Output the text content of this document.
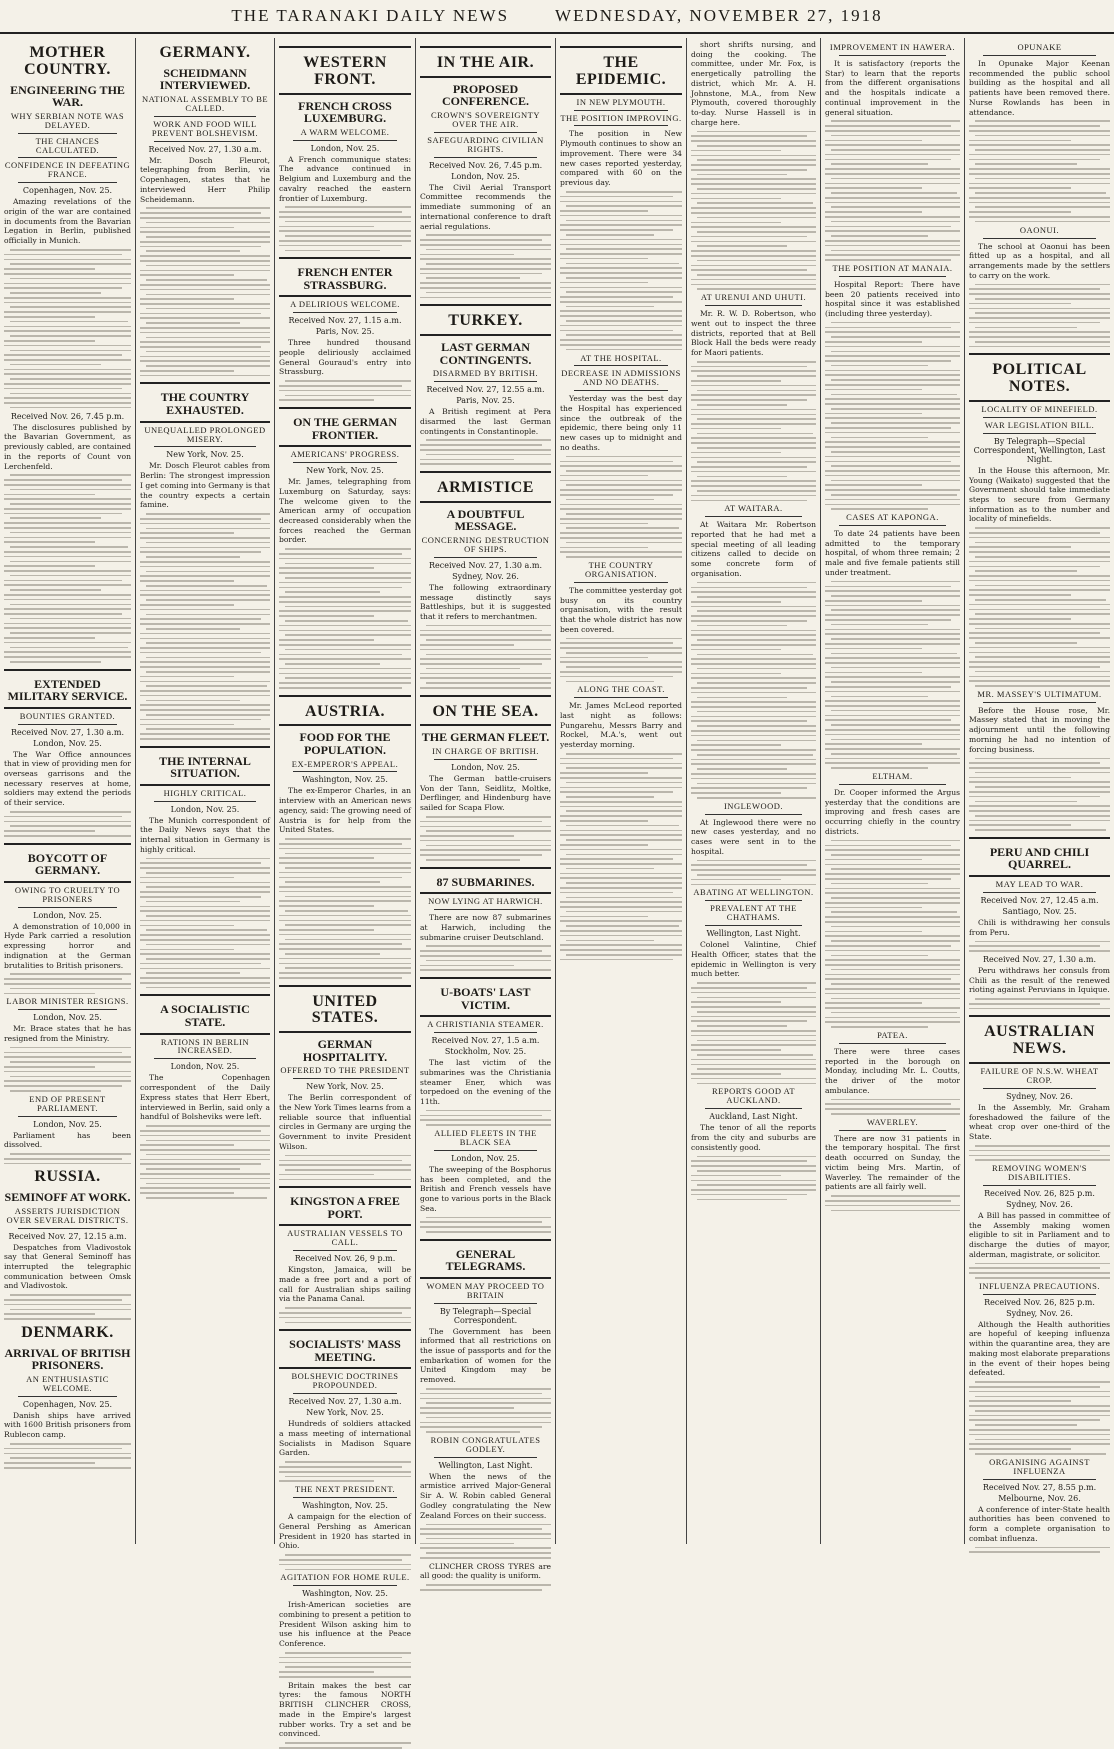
THE TARANAKI DAILY NEWS	WEDNESDAY, NOVEMBER 27, 1918
MOTHER COUNTRY.
ENGINEERING THE WAR.
WHY SERBIAN NOTE WAS DELAYED.
THE CHANCES CALCULATED.
CONFIDENCE IN DEFEATING FRANCE.
Copenhagen, Nov. 25.

Amazing revelations of the origin of the war are contained in documents from the Bavarian Legation in Berlin, published officially in Munich.

Received Nov. 26, 7.45 p.m.

The disclosures published by the Bavarian Government, as previously cabled, are contained in the reports of Count von Lerchenfeld.

EXTENDED MILITARY SERVICE.
BOUNTIES GRANTED.
Received Nov. 27, 1.30 a.m.
London, Nov. 25.

The War Office announces that in view of providing men for overseas garrisons and the necessary reserves at home, soldiers may extend the periods of their service.

BOYCOTT OF GERMANY.
OWING TO CRUELTY TO PRISONERS
London, Nov. 25.

A demonstration of 10,000 in Hyde Park carried a resolution expressing horror and indignation at the German brutalities to British prisoners.

LABOR MINISTER RESIGNS.
London, Nov. 25.

Mr. Brace states that he has resigned from the Ministry.

END OF PRESENT PARLIAMENT.
London, Nov. 25.

Parliament has been dissolved.

RUSSIA.
SEMINOFF AT WORK.
ASSERTS JURISDICTION OVER SEVERAL DISTRICTS.
Received Nov. 27, 12.15 a.m.

Despatches from Vladivostok say that General Seminoff has interrupted the telegraphic communication between Omsk and Vladivostok.

DENMARK.
ARRIVAL OF BRITISH PRISONERS.
AN ENTHUSIASTIC WELCOME.
Copenhagen, Nov. 25.

Danish ships have arrived with 1600 British prisoners from Rublecon camp.

GERMANY.
SCHEIDMANN INTERVIEWED.
NATIONAL ASSEMBLY TO BE CALLED.
WORK AND FOOD WILL PREVENT BOLSHEVISM.
Received Nov. 27, 1.30 a.m.

Mr. Dosch Fleurot, telegraphing from Berlin, via Copenhagen, states that he interviewed Herr Philip Scheidemann.

THE COUNTRY EXHAUSTED.
UNEQUALLED PROLONGED MISERY.
New York, Nov. 25.

Mr. Dosch Fleurot cables from Berlin: The strongest impression I get coming into Germany is that the country expects a certain famine.

THE INTERNAL SITUATION.
HIGHLY CRITICAL.
London, Nov. 25.

The Munich correspondent of the Daily News says that the internal situation in Germany is highly critical.

A SOCIALISTIC STATE.
RATIONS IN BERLIN INCREASED.
London, Nov. 25.

The Copenhagen correspondent of the Daily Express states that Herr Ebert, interviewed in Berlin, said only a handful of Bolsheviks were left.

WESTERN FRONT.
FRENCH CROSS LUXEMBURG.
A WARM WELCOME.
London, Nov. 25.

A French communique states: The advance continued in Belgium and Luxemburg and the cavalry reached the eastern frontier of Luxemburg.

FRENCH ENTER STRASSBURG.
A DELIRIOUS WELCOME.
Received Nov. 27, 1.15 a.m.
Paris, Nov. 25.

Three hundred thousand people deliriously acclaimed General Gouraud's entry into Strassburg.

ON THE GERMAN FRONTIER.
AMERICANS' PROGRESS.
New York, Nov. 25.

Mr. James, telegraphing from Luxemburg on Saturday, says: The welcome given to the American army of occupation decreased considerably when the forces reached the German border.

AUSTRIA.
FOOD FOR THE POPULATION.
EX-EMPEROR'S APPEAL.
Washington, Nov. 25.

The ex-Emperor Charles, in an interview with an American news agency, said: The growing need of Austria is for help from the United States.

UNITED STATES.
GERMAN HOSPITALITY.
OFFERED TO THE PRESIDENT
New York, Nov. 25.

The Berlin correspondent of the New York Times learns from a reliable source that influential circles in Germany are urging the Government to invite President Wilson.

KINGSTON A FREE PORT.
AUSTRALIAN VESSELS TO CALL.
Received Nov. 26, 9 p.m.

Kingston, Jamaica, will be made a free port and a port of call for Australian ships sailing via the Panama Canal.

SOCIALISTS' MASS MEETING.
BOLSHEVIC DOCTRINES PROPOUNDED.
Received Nov. 27, 1.30 a.m.
New York, Nov. 25.

Hundreds of soldiers attacked a mass meeting of international Socialists in Madison Square Garden.

THE NEXT PRESIDENT.
Washington, Nov. 25.

A campaign for the election of General Pershing as American President in 1920 has started in Ohio.

AGITATION FOR HOME RULE.
Washington, Nov. 25.

Irish-American societies are combining to present a petition to President Wilson asking him to use his influence at the Peace Conference.

Britain makes the best car tyres: the famous NORTH BRITISH CLINCHER CROSS, made in the Empire's largest rubber works. Try a set and be convinced.

IN THE AIR.
PROPOSED CONFERENCE.
CROWN'S SOVEREIGNTY OVER THE AIR.
SAFEGUARDING CIVILIAN RIGHTS.
Received Nov. 26, 7.45 p.m.
London, Nov. 25.

The Civil Aerial Transport Committee recommends the immediate summoning of an international conference to draft aerial regulations.

TURKEY.
LAST GERMAN CONTINGENTS.
DISARMED BY BRITISH.
Received Nov. 27, 12.55 a.m.
Paris, Nov. 25.

A British regiment at Pera disarmed the last German contingents in Constantinople.

ARMISTICE
A DOUBTFUL MESSAGE.
CONCERNING DESTRUCTION OF SHIPS.
Received Nov. 27, 1.30 a.m.
Sydney, Nov. 26.

The following extraordinary message distinctly says Battleships, but it is suggested that it refers to merchantmen.

ON THE SEA.
THE GERMAN FLEET.
IN CHARGE OF BRITISH.
London, Nov. 25.

The German battle-cruisers Von der Tann, Seidlitz, Moltke, Derflinger, and Hindenburg have sailed for Scapa Flow.

87 SUBMARINES.
NOW LYING AT HARWICH.

There are now 87 submarines at Harwich, including the submarine cruiser Deutschland.

U-BOATS' LAST VICTIM.
A CHRISTIANIA STEAMER.
Received Nov. 27, 1.5 a.m.
Stockholm, Nov. 25.

The last victim of the submarines was the Christiania steamer Ener, which was torpedoed on the evening of the 11th.

ALLIED FLEETS IN THE BLACK SEA
London, Nov. 25.

The sweeping of the Bosphorus has been completed, and the British and French vessels have gone to various ports in the Black Sea.

GENERAL TELEGRAMS.
WOMEN MAY PROCEED TO BRITAIN
By Telegraph—Special Correspondent.

The Government has been informed that all restrictions on the issue of passports and for the embarkation of women for the United Kingdom may be removed.

ROBIN CONGRATULATES GODLEY.
Wellington, Last Night.

When the news of the armistice arrived Major-General Sir A. W. Robin cabled General Godley congratulating the New Zealand Forces on their success.

CLINCHER CROSS TYRES are all good: the quality is uniform.

THE EPIDEMIC.
IN NEW PLYMOUTH.
THE POSITION IMPROVING.

The position in New Plymouth continues to show an improvement. There were 34 new cases reported yesterday, compared with 60 on the previous day.

AT THE HOSPITAL.
DECREASE IN ADMISSIONS AND NO DEATHS.

Yesterday was the best day the Hospital has experienced since the outbreak of the epidemic, there being only 11 new cases up to midnight and no deaths.

THE COUNTRY ORGANISATION.

The committee yesterday got busy on its country organisation, with the result that the whole district has now been covered.

ALONG THE COAST.

Mr. James McLeod reported last night as follows: Pungarehu, Messrs Barry and Rockel, M.A.'s, went out yesterday morning.

short shrifts nursing, and doing the cooking. The committee, under Mr. Fox, is energetically patrolling the district, which Mr. A. H. Johnstone, M.A., from New Plymouth, covered thoroughly to-day. Nurse Hassell is in charge here.

AT URENUI AND UHUTI.

Mr. R. W. D. Robertson, who went out to inspect the three districts, reported that at Bell Block Hall the beds were ready for Maori patients.

AT WAITARA.

At Waitara Mr. Robertson reported that he had met a special meeting of all leading citizens called to decide on some concrete form of organisation.

INGLEWOOD.

At Inglewood there were no new cases yesterday, and no cases were sent in to the hospital.

ABATING AT WELLINGTON.
PREVALENT AT THE CHATHAMS.
Wellington, Last Night.

Colonel Valintine, Chief Health Officer, states that the epidemic in Wellington is very much better.

REPORTS GOOD AT AUCKLAND.
Auckland, Last Night.

The tenor of all the reports from the city and suburbs are consistently good.

IMPROVEMENT IN HAWERA.

It is satisfactory (reports the Star) to learn that the reports from the different organisations and the hospitals indicate a continual improvement in the general situation.

THE POSITION AT MANAIA.

Hospital Report: There have been 20 patients received into hospital since it was established (including three yesterday).

CASES AT KAPONGA.

To date 24 patients have been admitted to the temporary hospital, of whom three remain; 2 male and five female patients still under treatment.

ELTHAM.

Dr. Cooper informed the Argus yesterday that the conditions are improving and fresh cases are occurring chiefly in the country districts.

PATEA.

There were three cases reported in the borough on Monday, including Mr. L. Coutts, the driver of the motor ambulance.

WAVERLEY.

There are now 31 patients in the temporary hospital. The first death occurred on Sunday, the victim being Mrs. Martin, of Waverley. The remainder of the patients are all fairly well.

OPUNAKE

In Opunake Major Keenan recommended the public school building as the hospital and all patients have been removed there. Nurse Rowlands has been in attendance.

OAONUI.

The school at Oaonui has been fitted up as a hospital, and all arrangements made by the settlers to carry on the work.

POLITICAL NOTES.
LOCALITY OF MINEFIELD.
WAR LEGISLATION BILL.
By Telegraph—Special Correspondent, Wellington, Last Night.

In the House this afternoon, Mr. Young (Waikato) suggested that the Government should take immediate steps to secure from Germany information as to the number and locality of minefields.

MR. MASSEY'S ULTIMATUM.

Before the House rose, Mr. Massey stated that in moving the adjournment until the following morning he had no intention of forcing business.

PERU AND CHILI QUARREL.
MAY LEAD TO WAR.
Received Nov. 27, 12.45 a.m.
Santiago, Nov. 25.

Chili is withdrawing her consuls from Peru.

Received Nov. 27, 1.30 a.m.

Peru withdraws her consuls from Chili as the result of the renewed rioting against Peruvians in Iquique.

AUSTRALIAN NEWS.
FAILURE OF N.S.W. WHEAT CROP.
Sydney, Nov. 26.

In the Assembly, Mr. Graham foreshadowed the failure of the wheat crop over one-third of the State.

REMOVING WOMEN'S DISABILITIES.
Received Nov. 26, 825 p.m.
Sydney, Nov. 26.

A Bill has passed in committee of the Assembly making women eligible to sit in Parliament and to discharge the duties of mayor, alderman, magistrate, or solicitor.

INFLUENZA PRECAUTIONS.
Received Nov. 26, 825 p.m.
Sydney, Nov. 26.

Although the Health authorities are hopeful of keeping influenza within the quarantine area, they are making most elaborate preparations in the event of their hopes being defeated.

ORGANISING AGAINST INFLUENZA
Received Nov. 27, 8.55 p.m.
Melbourne, Nov. 26.

A conference of inter-State health authorities has been convened to form a complete organisation to combat influenza.
